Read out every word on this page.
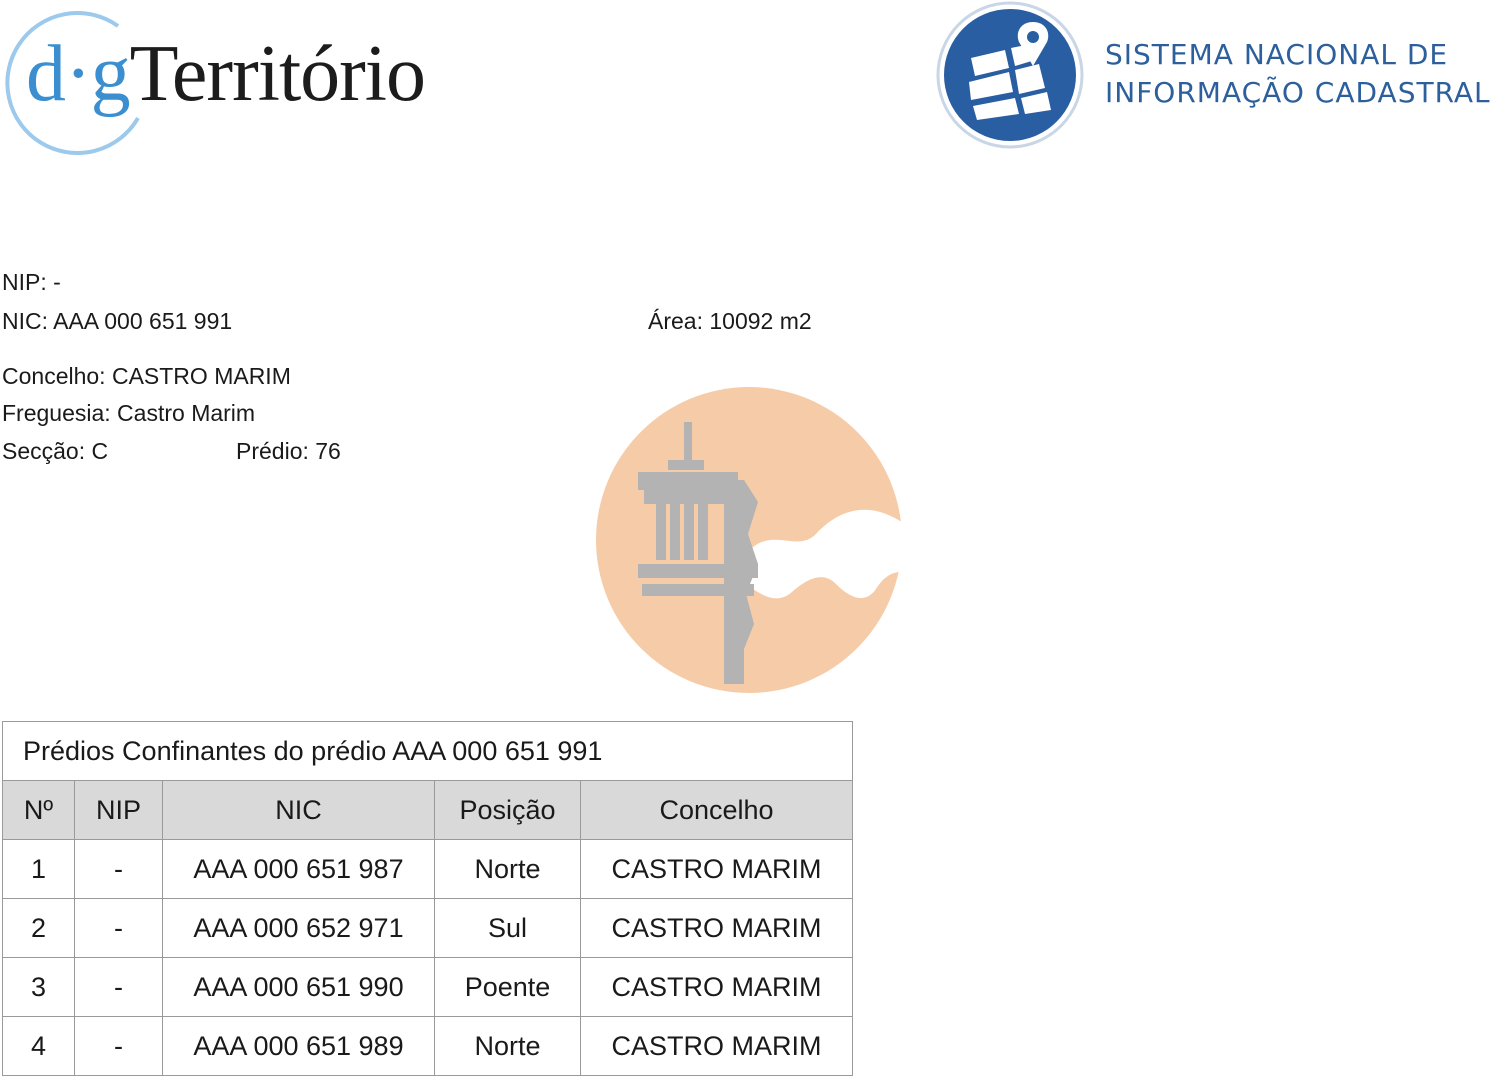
d·gTerritório	SISTEMA NACIONAL DE
INFORMAÇÃO CADASTRAL
NIP: -
NIC: AAA 000 651 991	Área: 10092 m2
Concelho: CASTRO MARIM
Freguesia: Castro Marim
Secção: C	Prédio: 76
Prédios Confinantes do prédio AAA 000 651 991				
Nº	NIP	NIC	Posição	Concelho
1	-	AAA 000 651 987	Norte	CASTRO MARIM
2	-	AAA 000 652 971	Sul	CASTRO MARIM
3	-	AAA 000 651 990	Poente	CASTRO MARIM
4	-	AAA 000 651 989	Norte	CASTRO MARIM
